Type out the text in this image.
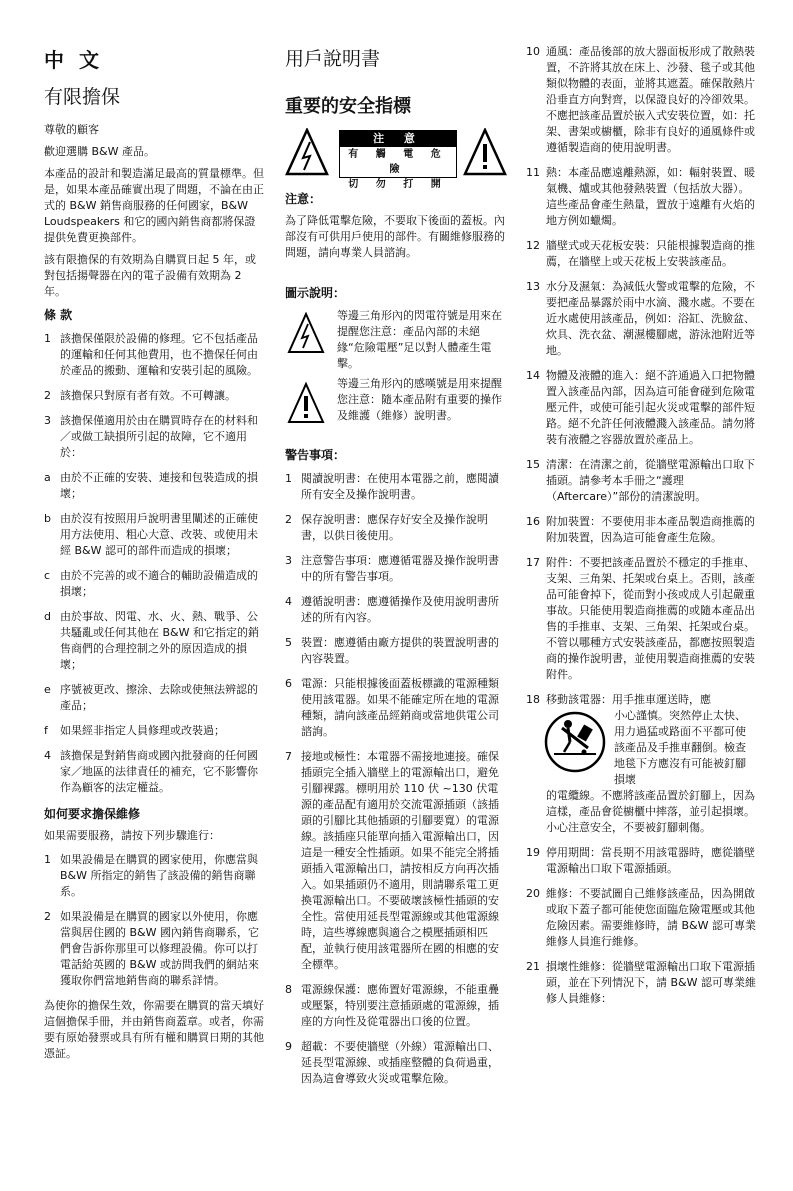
中 文
有限擔保

尊敬的顧客

歡迎選購 B&W 產品。

本產品的設計和製造滿足最高的質量標準。但是，如果本產品確實出現了問題，不論在由正式的 B&W 銷售商服務的任何國家，B&W Loudspeakers 和它的國內銷售商都將保證提供免費更換部件。

該有限擔保的有效期為自購買日起 5 年，或對包括揚聲器在內的電子設備有效期為 2 年。

條 款
1 該擔保僅限於設備的修理。它不包括產品的運輸和任何其他費用，也不擔保任何由於產品的搬動、運輸和安裝引起的風險。
2 該擔保只對原有者有效。不可轉讓。
3 該擔保僅適用於由在購買時存在的材料和／或做工缺損所引起的故障，它不適用於：
a 由於不正確的安裝、連接和包裝造成的損壞；
b 由於沒有按照用戶說明書里闡述的正確使用方法使用、粗心大意、改裝、或使用未經 B&W 認可的部件而造成的損壞；
c 由於不完善的或不適合的輔助設備造成的損壞；
d 由於事故、閃電、水、火、熱、戰爭、公共騷亂或任何其他在 B&W 和它指定的銷售商們的合理控制之外的原因造成的損壞；
e 序號被更改、擦涂、去除或使無法辨認的產品；
f	如果經非指定人員修理或改裝過；
4 該擔保是對銷售商或國內批發商的任何國家／地區的法律責任的補充，它不影響你作為顧客的法定權益。
如何要求擔保維修

如果需要服務，請按下列步驟進行：

1 如果設備是在購買的國家使用，你應當與 B&W 所指定的銷售了該設備的銷售商聯系。
2 如果設備是在購買的國家以外使用，你應當與居住國的 B&W 國內銷售商聯系，它們會告訴你那里可以修理設備。你可以打電話給英國的 B&W 或訪問我們的網站來獲取你們當地銷售商的聯系詳情。

為使你的擔保生效，你需要在購買的當天填好這個擔保手冊，并由銷售商蓋章。或者，你需要有原始發票或具有所有權和購買日期的其他憑証。

用戶說明書
重要的安全指標
注 意
有 觸 電 危 險
切 勿 打 開
注意：

為了降低電擊危險，不要取下後面的蓋板。內部沒有可供用戶使用的部件。有關維修服務的問題，請向專業人員諮詢。

圖示說明：

等邊三角形內的閃電符號是用來在提醒您注意：產品內部的未絕緣“危險電壓”足以對人體產生電擊。

等邊三角形內的感嘆號是用來提醒您注意：隨本產品附有重要的操作及維護（維修）說明書。

警告事項：
1 閱讀說明書：在使用本電器之前，應閱讀所有安全及操作說明書。
2 保存說明書：應保存好安全及操作說明書，以供日後使用。
3 注意警告事項：應遵循電器及操作說明書中的所有警告事項。
4 遵循說明書：應遵循操作及使用說明書所述的所有內容。
5 裝置：應遵循由廠方提供的裝置說明書的內容裝置。
6 電源：只能根據後面蓋板標識的電源種類使用該電器。如果不能確定所在地的電源種類，請向該產品經銷商或當地供電公司諮詢。
7 接地或極性：本電器不需接地連接。確保插頭完全插入牆壁上的電源輸出口，避免引腳裸露。標明用於 110 伏 ~130 伏電源的產品配有適用於交流電源插頭（該插頭的引腳比其他插頭的引腳要寬）的電源線。該插座只能單向插入電源輸出口，因這是一種安全性插頭。如果不能完全將插頭插入電源輸出口，請按相反方向再次插入。如果插頭仍不適用，則請聯系電工更換電源輸出口。不要破壞該極性插頭的安全性。當使用延長型電源線或其他電源線時，這些導線應與適合之模壓插頭相匹配，並執行使用該電器所在國的相應的安全標準。
8 電源線保護：應佈置好電源線，不能重疊或壓緊，特別要注意插頭處的電源線，插座的方向性及從電器出口後的位置。
9 超載：不要使牆壁（外線）電源輸出口、延長型電源線、或插座整體的負荷過重，因為這會導致火災或電擊危險。
10 通風：產品後部的放大器面板形成了散熱裝置，不許將其放在床上、沙發、毯子或其他類似物體的表面，並將其遮蓋。確保散熱片沿垂直方向對齊，以保證良好的冷卻效果。不應把該產品置於嵌入式安裝位置，如：托架、書架或櫥櫃，除非有良好的通風條件或遵循製造商的使用說明書。
11 熱：本產品應遠離熱源，如：輻射裝置、暖氣機、爐或其他發熱裝置（包括放大器）。這些產品會產生熱量，置放于遠離有火焰的地方例如蠟燭。
12 牆壁式或天花板安裝：只能根據製造商的推薦，在牆壁上或天花板上安裝該產品。
13 水分及濕氣：為減低火警或電擊的危險，不要把產品暴露於雨中水滴、濺水處。不要在近水處使用該產品，例如：浴缸、洗臉盆、炊具、洗衣盆、潮濕樓腳處，游泳池附近等地。
14 物體及液體的進入：絕不許通過入口把物體置入該產品內部，因為這可能會碰到危險電壓元件，或使可能引起火災或電擊的部件短路。絕不允許任何液體濺入該產品。請勿將裝有液體之容器放置於產品上。
15 清潔：在清潔之前，從牆壁電源輸出口取下插頭。請參考本手冊之“護理（Aftercare）”部份的清潔說明。
16 附加裝置：不要使用非本產品製造商推薦的附加裝置，因為這可能會產生危險。
17 附件：不要把該產品置於不穩定的手推車、支架、三角架、托架或台桌上。否則，該產品可能會掉下，從而對小孩或成人引起嚴重事故。只能使用製造商推薦的或隨本產品出售的手推車、支架、三角架、托架或台桌。不管以哪種方式安裝該產品，都應按照製造商的操作說明書，並使用製造商推薦的安裝附件。
18 移動該電器：用手推車運送時，應

小心謹慎。突然停止太快、用力過猛或路面不平都可使該產品及手推車翻倒。檢查地毯下方應沒有可能被釘腳損壞

的電纜線。不應將該產品置於釘腳上，因為這樣，產品會從櫥櫃中摔落，並引起損壞。小心注意安全，不要被釘腳刺傷。

19 停用期間：當長期不用該電器時，應從牆壁電源輸出口取下電源插頭。
20 維修：不要試圖自己維修該產品，因為開啟或取下蓋子都可能使您面臨危險電壓或其他危險因素。需要維修時，請 B&W 認可專業維修人員進行維修。
21 損壞性維修：從牆壁電源輸出口取下電源插頭，並在下列情況下，請 B&W 認可專業維修人員維修：
